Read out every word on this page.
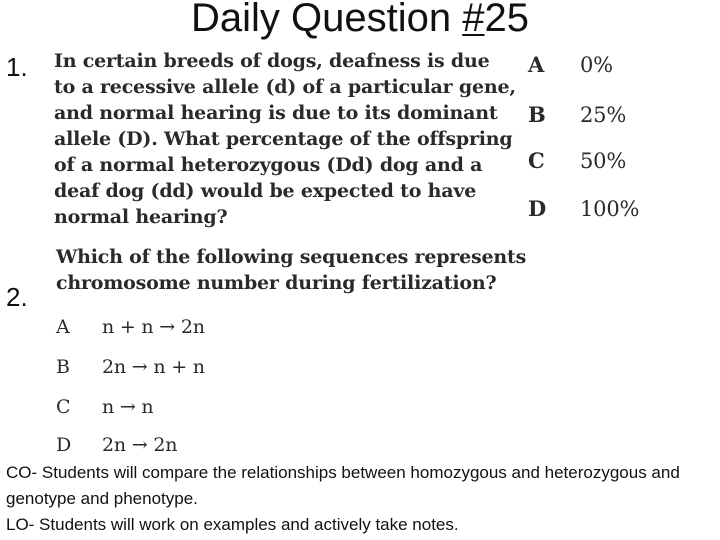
Daily Question #25
1. In certain breeds of dogs, deafness is due
to a recessive allele (d) of a particular gene,
and normal hearing is due to its dominant
allele (D). What percentage of the offspring
of a normal heterozygous (Dd) dog and a
deaf dog (dd) would be expected to have
normal hearing?
A 0%
B 25%
C 50%
D 100%
2.
Which of the following sequences represents
chromosome number during fertilization?
A n + n → 2n
B 2n → n + n
C n → n
D 2n → 2n

CO- Students will compare the relationships between homozygous and heterozygous and genotype and phenotype.

LO- Students will work on examples and actively take notes.
